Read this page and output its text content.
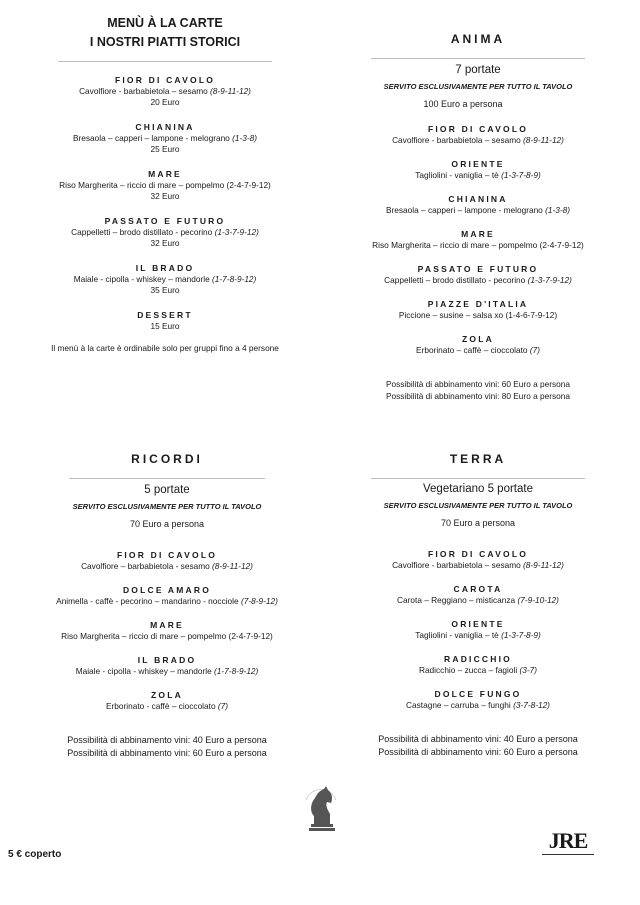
MENÙ À LA CARTE
I NOSTRI PIATTI STORICI
FIOR DI CAVOLO
Cavolfiore - barbabietola – sesamo (8-9-11-12)
20 Euro
CHIANINA
Bresaola – capperi – lampone - melograno (1-3-8)
25 Euro
MARE
Riso Margherita – riccio di mare – pompelmo (2-4-7-9-12)
32 Euro
PASSATO E FUTURO
Cappelletti – brodo distillato - pecorino (1-3-7-9-12)
32 Euro
IL BRADO
Maiale - cipolla - whiskey – mandorle (1-7-8-9-12)
35 Euro
DESSERT
15 Euro
Il menù à la carte è ordinabile solo per gruppi fino a 4 persone
ANIMA
7 portate
SERVITO ESCLUSIVAMENTE PER TUTTO IL TAVOLO
100 Euro a persona
FIOR DI CAVOLO
Cavolfiore - barbabietola – sesamo (8-9-11-12)
ORIENTE
Tagliolini - vaniglia – tè (1-3-7-8-9)
CHIANINA
Bresaola – capperi – lampone - melograno (1-3-8)
MARE
Riso Margherita – riccio di mare – pompelmo (2-4-7-9-12)
PASSATO E FUTURO
Cappelletti – brodo distillato - pecorino (1-3-7-9-12)
PIAZZE D'ITALIA
Piccione – susine – salsa xo (1-4-6-7-9-12)
ZOLA
Erborinato – caffè – cioccolato (7)
Possibilità di abbinamento vini: 60 Euro a persona
Possibilità di abbinamento vini: 80 Euro a persona
RICORDI
5 portate
SERVITO ESCLUSIVAMENTE PER TUTTO IL TAVOLO
70 Euro a persona
FIOR DI CAVOLO
Cavolfiore – barbabietola - sesamo (8-9-11-12)
DOLCE AMARO
Animella - caffè - pecorino – mandarino - nocciole (7-8-9-12)
MARE
Riso Margherita – riccio di mare – pompelmo (2-4-7-9-12)
IL BRADO
Maiale - cipolla - whiskey – mandorle (1-7-8-9-12)
ZOLA
Erborinato - caffè – cioccolato (7)
Possibilità di abbinamento vini: 40 Euro a persona
Possibilità di abbinamento vini: 60 Euro a persona
TERRA
Vegetariano 5 portate
SERVITO ESCLUSIVAMENTE PER TUTTO IL TAVOLO
70 Euro a persona
FIOR DI CAVOLO
Cavolfiore - barbabietola – sesamo (8-9-11-12)
CAROTA
Carota – Reggiano – misticanza (7-9-10-12)
ORIENTE
Tagliolini - vaniglia – tè (1-3-7-8-9)
RADICCHIO
Radicchio – zucca – fagioli (3-7)
DOLCE FUNGO
Castagne – carruba – funghi (3-7-8-12)
Possibilità di abbinamento vini: 40 Euro a persona
Possibilità di abbinamento vini: 60 Euro a persona
5 € coperto
JRE
